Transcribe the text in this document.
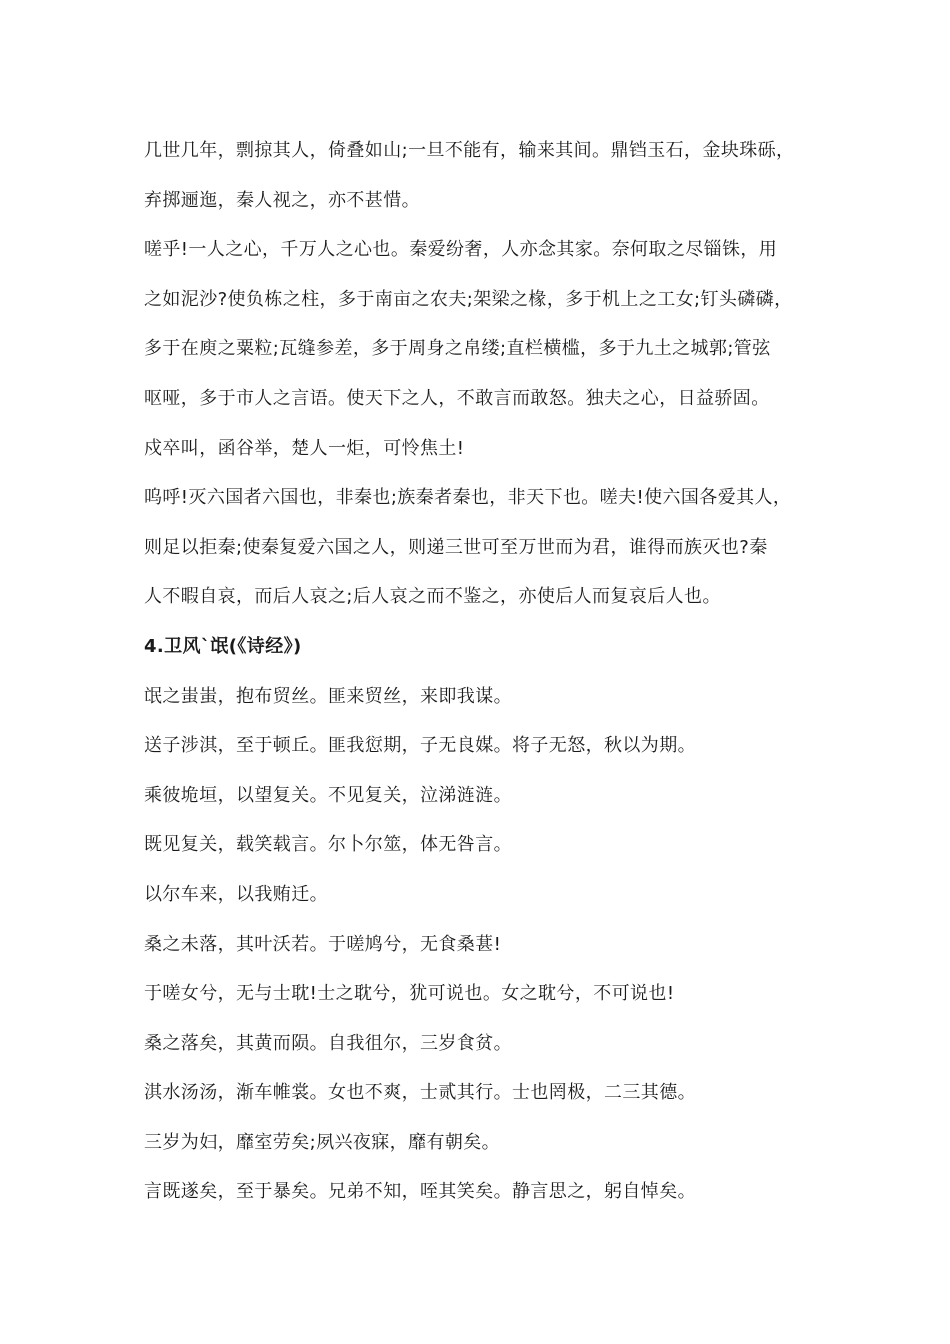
几世几年，剽掠其人，倚叠如山;一旦不能有，输来其间。鼎铛玉石，金块珠砾，
弃掷逦迤，秦人视之，亦不甚惜。
嗟乎!一人之心，千万人之心也。秦爱纷奢，人亦念其家。奈何取之尽锱铢，用
之如泥沙?使负栋之柱，多于南亩之农夫;架梁之椽，多于机上之工女;钉头磷磷，
多于在庾之粟粒;瓦缝参差，多于周身之帛缕;直栏横槛，多于九土之城郭;管弦
呕哑，多于市人之言语。使天下之人，不敢言而敢怒。独夫之心，日益骄固。
戍卒叫，函谷举，楚人一炬，可怜焦土!
呜呼!灭六国者六国也，非秦也;族秦者秦也，非天下也。嗟夫!使六国各爱其人，
则足以拒秦;使秦复爱六国之人，则递三世可至万世而为君，谁得而族灭也?秦
人不暇自哀，而后人哀之;后人哀之而不鉴之，亦使后人而复哀后人也。
4.卫风`氓(《诗经》)
氓之蚩蚩，抱布贸丝。匪来贸丝，来即我谋。
送子涉淇，至于顿丘。匪我愆期，子无良媒。将子无怒，秋以为期。
乘彼垝垣，以望复关。不见复关，泣涕涟涟。
既见复关，载笑载言。尔卜尔筮，体无咎言。
以尔车来，以我贿迁。
桑之未落，其叶沃若。于嗟鸠兮，无食桑葚!
于嗟女兮，无与士耽!士之耽兮，犹可说也。女之耽兮，不可说也!
桑之落矣，其黄而陨。自我徂尔，三岁食贫。
淇水汤汤，渐车帷裳。女也不爽，士贰其行。士也罔极，二三其德。
三岁为妇，靡室劳矣;夙兴夜寐，靡有朝矣。
言既遂矣，至于暴矣。兄弟不知，咥其笑矣。静言思之，躬自悼矣。
